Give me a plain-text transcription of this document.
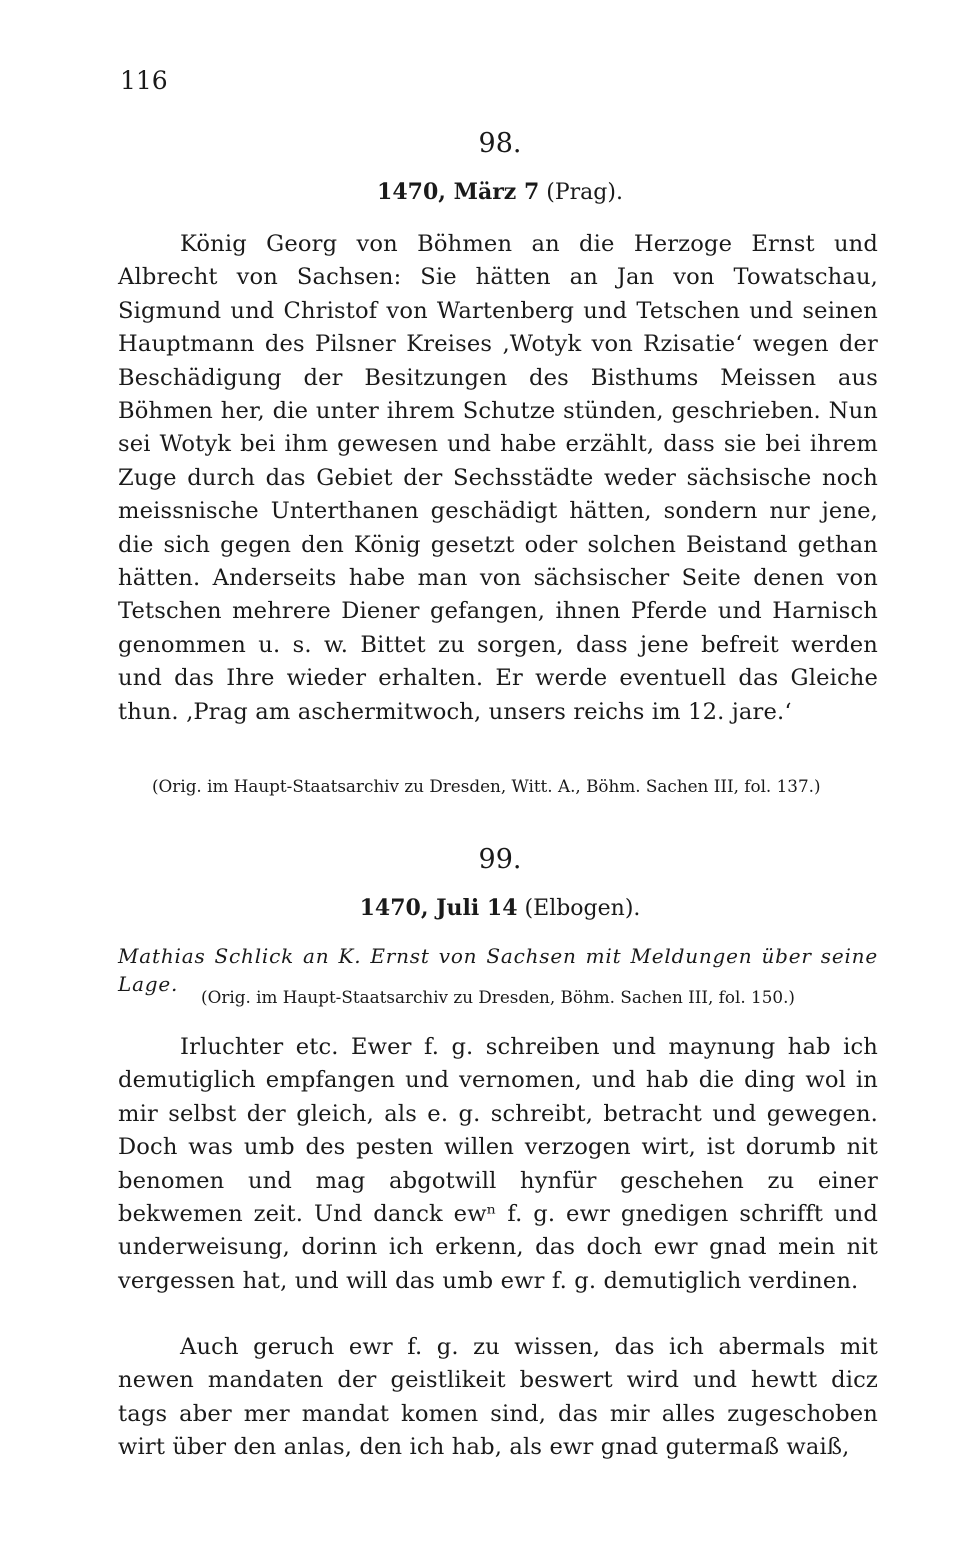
116
98.
1470, März 7 (Prag).

König Georg von Böhmen an die Herzoge Ernst und Albrecht von Sachsen: Sie hätten an Jan von Towatschau, Sigmund und Christof von Wartenberg und Tetschen und seinen Hauptmann des Pilsner Kreises ‚Wotyk von Rzisatie‘ wegen der Beschädigung der Besitzungen des Bisthums Meissen aus Böhmen her, die unter ihrem Schutze stünden, geschrieben. Nun sei Wotyk bei ihm gewesen und habe erzählt, dass sie bei ihrem Zuge durch das Gebiet der Sechsstädte weder sächsische noch meissnische Unterthanen geschädigt hätten, sondern nur jene, die sich gegen den König gesetzt oder solchen Beistand gethan hätten. Anderseits habe man von sächsischer Seite denen von Tetschen mehrere Diener gefangen, ihnen Pferde und Harnisch genommen u. s. w. Bittet zu sorgen, dass jene befreit werden und das Ihre wieder erhalten. Er werde eventuell das Gleiche thun. ‚Prag am aschermitwoch, unsers reichs im 12. jare.‘

(Orig. im Haupt-Staatsarchiv zu Dresden, Witt. A., Böhm. Sachen III, fol. 137.)

99.
1470, Juli 14 (Elbogen).

Mathias Schlick an K. Ernst von Sachsen mit Meldungen über seine Lage.

(Orig. im Haupt-Staatsarchiv zu Dresden, Böhm. Sachen III, fol. 150.)

Irluchter etc. Ewer f. g. schreiben und maynung hab ich demutiglich empfangen und vernomen, und hab die ding wol in mir selbst der gleich, als e. g. schreibt, betracht und gewegen. Doch was umb des pesten willen verzogen wirt, ist dorumb nit benomen und mag abgotwill hynfür geschehen zu einer bekwemen zeit. Und danck ewⁿ f. g. ewr gnedigen schrifft und underweisung, dorinn ich erkenn, das doch ewr gnad mein nit vergessen hat, und will das umb ewr f. g. demutiglich verdinen.

Auch geruch ewr f. g. zu wissen, das ich abermals mit newen mandaten der geistlikeit beswert wird und hewtt dicz tags aber mer mandat komen sind, das mir alles zugeschoben wirt über den anlas, den ich hab, als ewr gnad gutermaß waiß,
